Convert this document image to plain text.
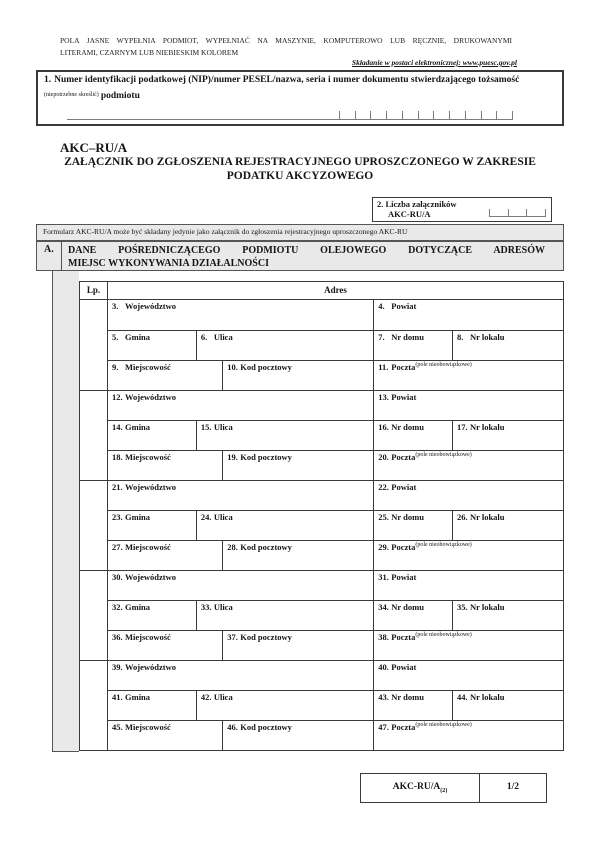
POLA JASNE WYPEŁNIA PODMIOT, WYPEŁNIAĆ NA MASZYNIE, KOMPUTEROWO LUB RĘCZNIE, DRUKOWANYMI
LITERAMI, CZARNYM LUB NIEBIESKIM KOLOREM
Składanie w postaci elektronicznej: www.puesc.gov.pl
1. Numer identyfikacji podatkowej (NIP)/numer PESEL/nazwa, seria i numer dokumentu stwierdzającego tożsamość
(niepotrzebne skreślić) podmiotu
AKC–RU/A
ZAŁĄCZNIK DO ZGŁOSZENIA REJESTRACYJNEGO UPROSZCZONEGO W ZAKRESIE
PODATKU AKCYZOWEGO
2. Liczba załączników
AKC-RU/A
Formularz AKC-RU/A może być składany jedynie jako załącznik do zgłoszenia rejestracyjnego uproszczonego AKC-RU
A.	DANE POŚREDNICZĄCEGO PODMIOTU OLEJOWEGO DOTYCZĄCE ADRESÓW
MIEJSC WYKONYWANIA DZIAŁALNOŚCI
Lp.	Adres
3. Województwo	4. Powiat
5. Gmina	6. Ulica	7. Nr domu	8. Nr lokalu
9. Miejscowość	10. Kod pocztowy	11. Poczta$^{(pole nieobowiązkowe)}$
12. Województwo	13. Powiat
14. Gmina	15. Ulica	16. Nr domu	17. Nr lokalu
18. Miejscowość	19. Kod pocztowy	20. Poczta$^{(pole nieobowiązkowe)}$
21. Województwo	22. Powiat
23. Gmina	24. Ulica	25. Nr domu	26. Nr lokalu
27. Miejscowość	28. Kod pocztowy	29. Poczta$^{(pole nieobowiązkowe)}$
30. Województwo	31. Powiat
32. Gmina	33. Ulica	34. Nr domu	35. Nr lokalu
36. Miejscowość	37. Kod pocztowy	38. Poczta$^{(pole nieobowiązkowe)}$
39. Województwo	40. Powiat
41. Gmina	42. Ulica	43. Nr domu	44. Nr lokalu
45. Miejscowość	46. Kod pocztowy	47. Poczta$^{(pole nieobowiązkowe)}$
AKC-$RU/A_{(2)}$	1/2
